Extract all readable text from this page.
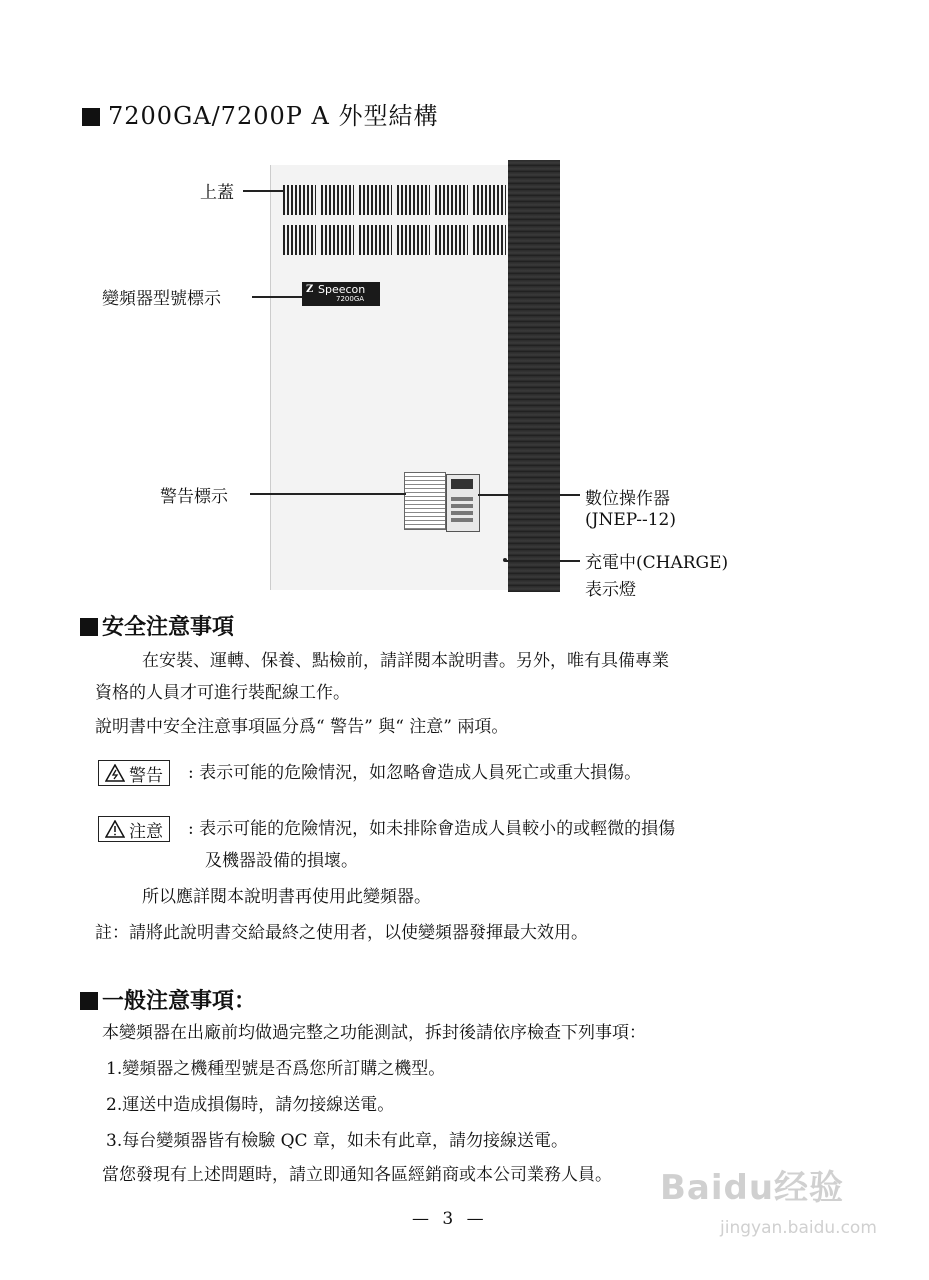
7200GA/7200P A 外型結構
Z Speecon
7200GA
上蓋
變頻器型號標示
警告標示	數位操作器
(JNEP--12)
充電中(CHARGE)
表示燈
安全注意事項
在安裝、運轉、保養、點檢前，請詳閱本說明書。另外，唯有具備專業
資格的人員才可進行裝配線工作。
說明書中安全注意事項區分爲“ 警告” 與“ 注意” 兩項。
警告 : 表示可能的危險情況，如忽略會造成人員死亡或重大損傷。
注意 : 表示可能的危險情況，如未排除會造成人員較小的或輕微的損傷
及機器設備的損壞。
所以應詳閱本說明書再使用此變頻器。
註：請將此說明書交給最終之使用者，以使變頻器發揮最大效用。
一般注意事項：
本變頻器在出廠前均做過完整之功能測試，拆封後請依序檢查下列事項：
1.變頻器之機種型號是否爲您所訂購之機型。
2.運送中造成損傷時，請勿接線送電。
3.每台變頻器皆有檢驗 QC 章，如未有此章，請勿接線送電。
當您發現有上述問題時，請立即通知各區經銷商或本公司業務人員。
— 3 —
Baidu经验
jingyan.baidu.com
